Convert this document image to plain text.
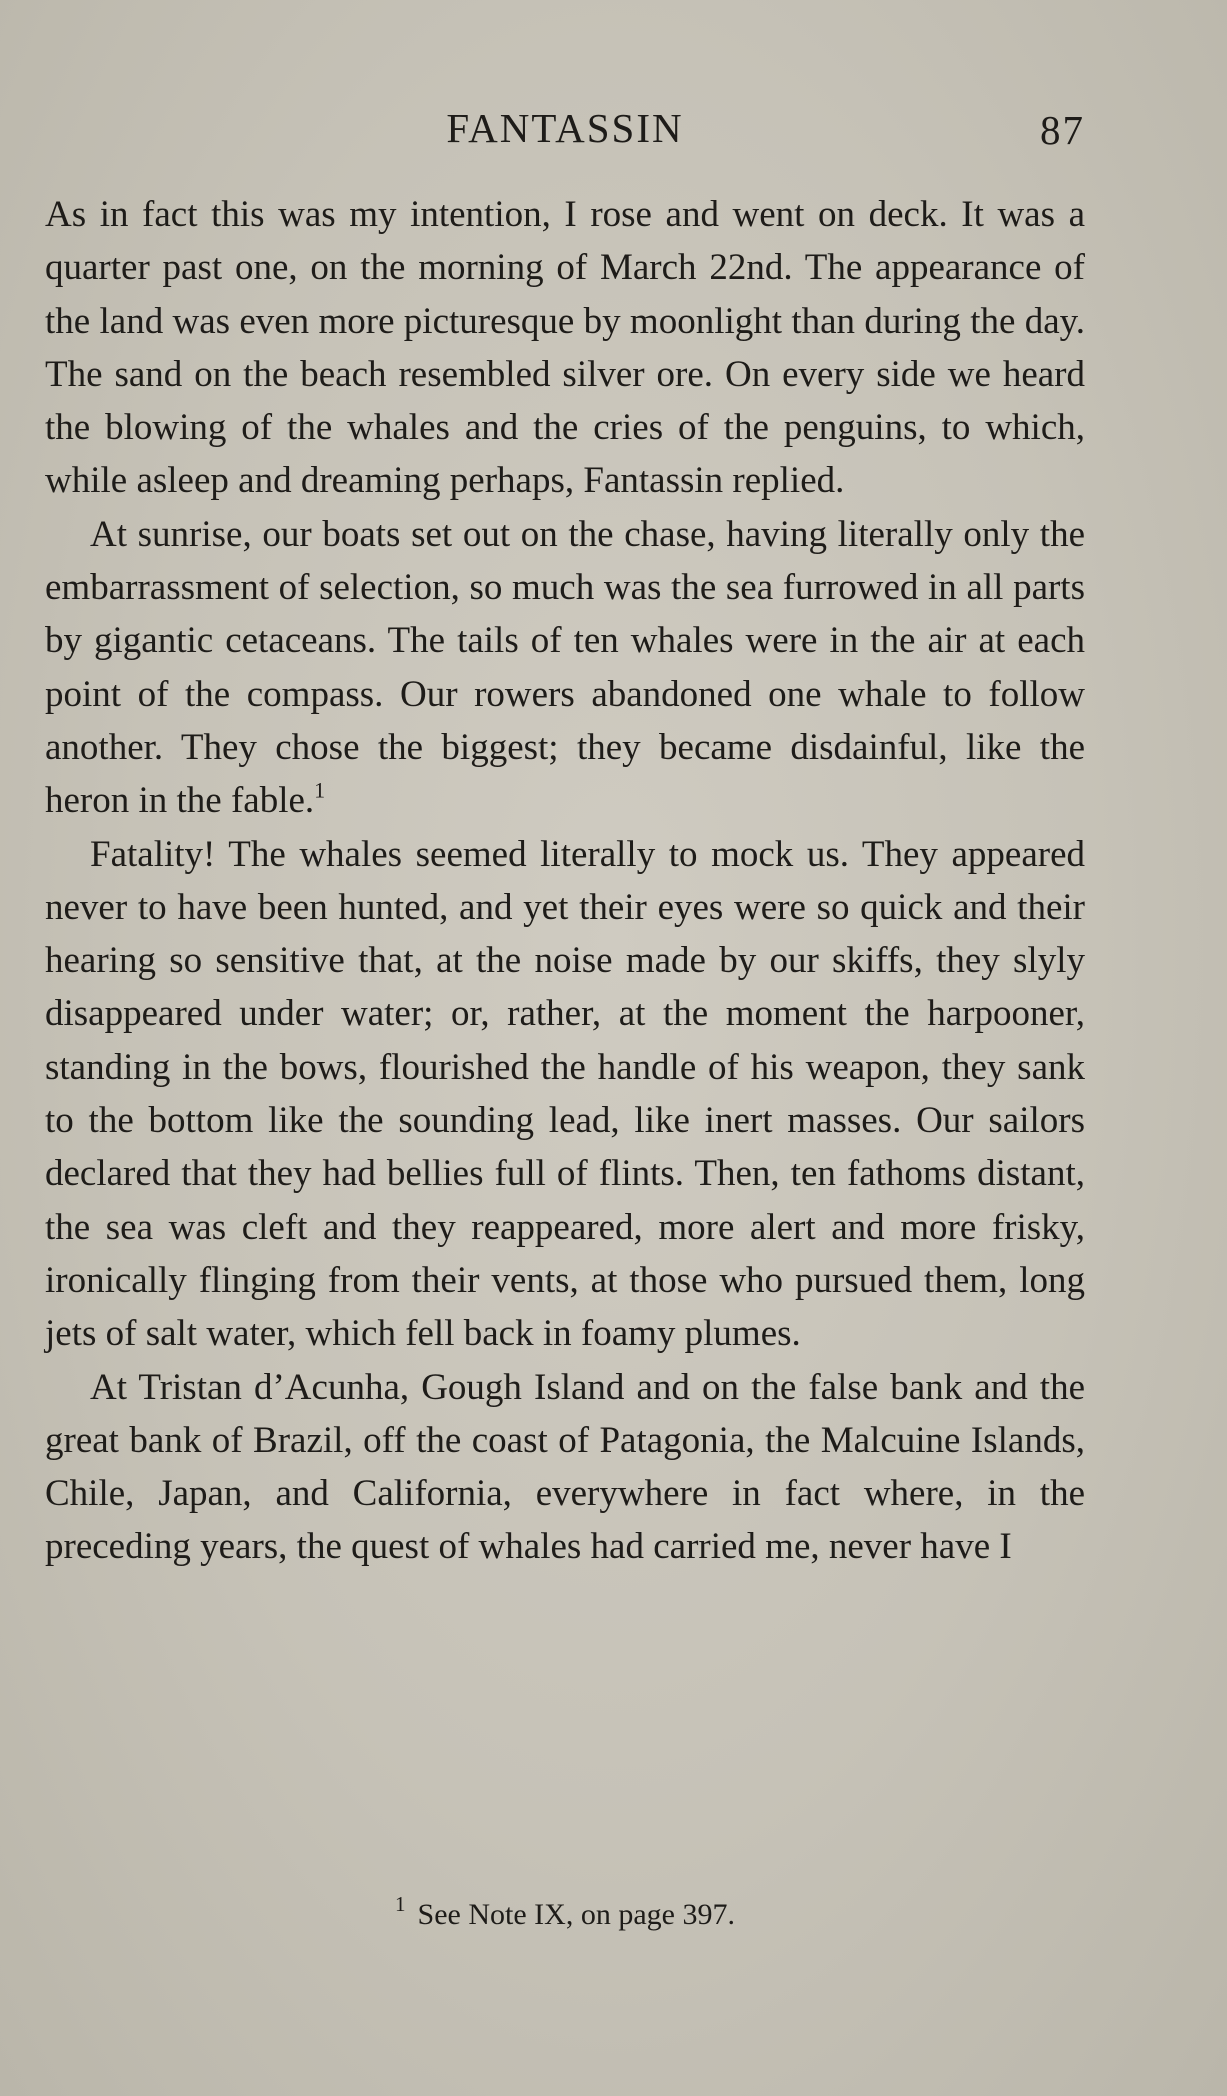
FANTASSIN	87

As in fact this was my intention, I rose and went on deck. It was a quarter past one, on the morning of March 22nd. The appearance of the land was even more picturesque by moonlight than during the day. The sand on the beach resembled silver ore. On every side we heard the blowing of the whales and the cries of the penguins, to which, while asleep and dreaming perhaps, Fantassin replied.

At sunrise, our boats set out on the chase, having literally only the embarrassment of selection, so much was the sea furrowed in all parts by gigantic cetaceans. The tails of ten whales were in the air at each point of the compass. Our rowers abandoned one whale to follow another. They chose the biggest; they became disdainful, like the heron in the fable.$^1$

Fatality! The whales seemed literally to mock us. They appeared never to have been hunted, and yet their eyes were so quick and their hearing so sensitive that, at the noise made by our skiffs, they slyly disappeared under water; or, rather, at the moment the harpooner, standing in the bows, flourished the handle of his weapon, they sank to the bottom like the sounding lead, like inert masses. Our sailors declared that they had bellies full of flints. Then, ten fathoms distant, the sea was cleft and they reappeared, more alert and more frisky, ironically flinging from their vents, at those who pursued them, long jets of salt water, which fell back in foamy plumes.

At Tristan d’Acunha, Gough Island and on the false bank and the great bank of Brazil, off the coast of Patagonia, the Malcuine Islands, Chile, Japan, and California, everywhere in fact where, in the preceding years, the quest of whales had carried me, never have I

$^1$ See Note IX, on page 397.
